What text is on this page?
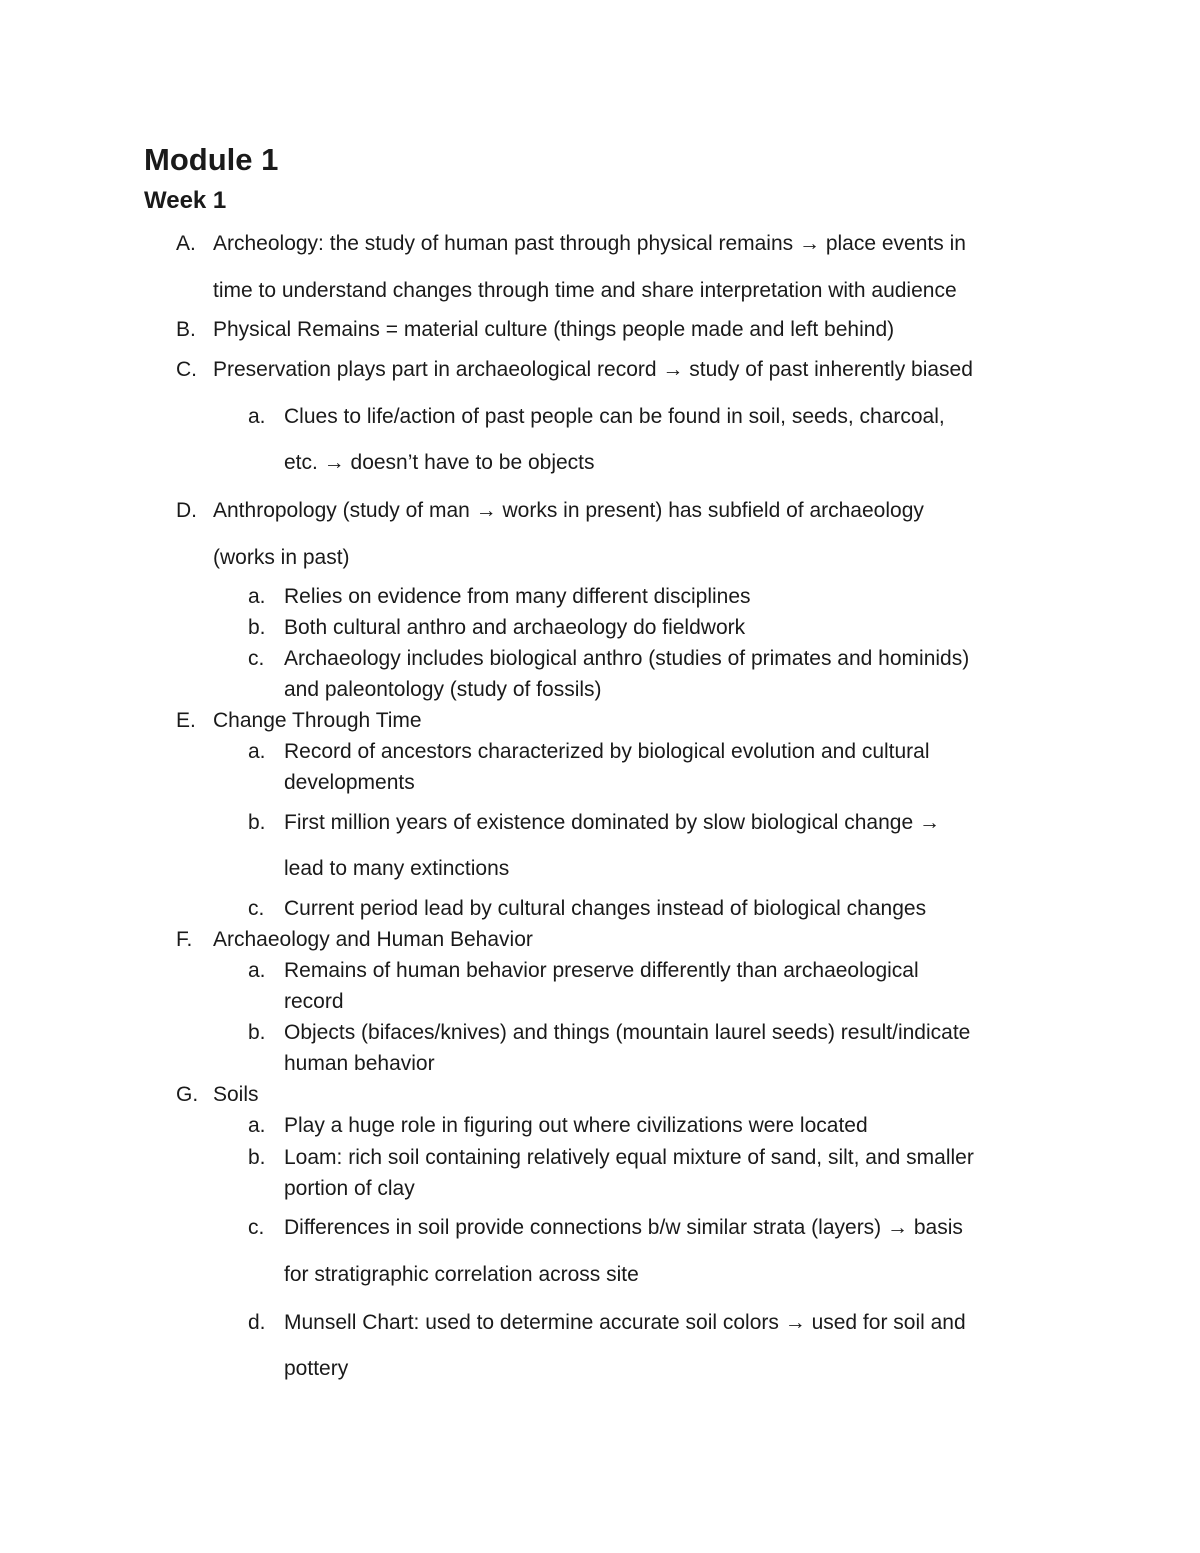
Module 1
Week 1
A. Archeology: the study of human past through physical remains → place events in
time to understand changes through time and share interpretation with audience
B. Physical Remains = material culture (things people made and left behind)
C. Preservation plays part in archaeological record → study of past inherently biased
a. Clues to life/action of past people can be found in soil, seeds, charcoal,
etc. → doesn’t have to be objects
D. Anthropology (study of man → works in present) has subfield of archaeology
(works in past)
a. Relies on evidence from many different disciplines
b. Both cultural anthro and archaeology do fieldwork
c. Archaeology includes biological anthro (studies of primates and hominids)
and paleontology (study of fossils)
E. Change Through Time
a. Record of ancestors characterized by biological evolution and cultural
developments
b. First million years of existence dominated by slow biological change →
lead to many extinctions
c. Current period lead by cultural changes instead of biological changes
F. Archaeology and Human Behavior
a. Remains of human behavior preserve differently than archaeological
record
b. Objects (bifaces/knives) and things (mountain laurel seeds) result/indicate
human behavior
G. Soils
a. Play a huge role in figuring out where civilizations were located
b. Loam: rich soil containing relatively equal mixture of sand, silt, and smaller
portion of clay
c. Differences in soil provide connections b/w similar strata (layers) → basis
for stratigraphic correlation across site
d. Munsell Chart: used to determine accurate soil colors → used for soil and
pottery
